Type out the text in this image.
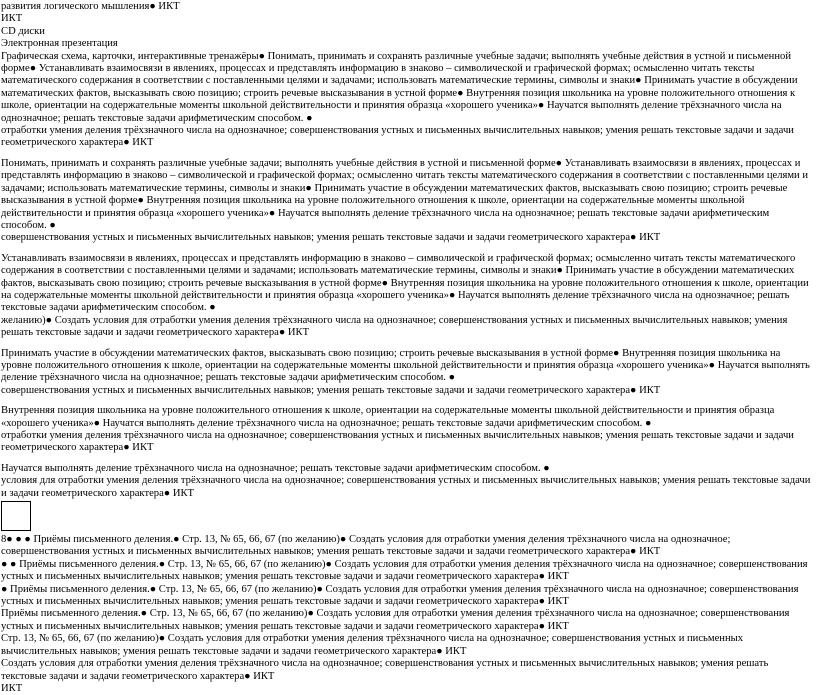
развития логического мышления● ИКТ

ИКТ

CD диски

Электронная презентация

Графическая схема, карточки, интерактивные тренажёры● Понимать, принимать и сохранять различные учебные задачи; выполнять учебные действия в устной и письменной форме● Устанавливать взаимосвязи в явлениях, процессах и представлять информацию в знаково – символической и графической формах; осмысленно читать тексты математического содержания в соответствии с поставленными целями и задачами; использовать математические термины, символы и знаки● Принимать участие в обсуждении математических фактов, высказывать свою позицию; строить речевые высказывания в устной форме● Внутренняя позиция школьника на уровне положительного отношения к школе, ориентации на содержательные моменты школьной действительности и принятия образца «хорошего ученика»● Научатся выполнять деление трёхзначного числа на однозначное; решать текстовые задачи арифметическим способом. ●

отработки умения деления трёхзначного числа на однозначное; совершенствования устных и письменных вычислительных навыков; умения решать текстовые задачи и задачи геометрического характера● ИКТ

Понимать, принимать и сохранять различные учебные задачи; выполнять учебные действия в устной и письменной форме● Устанавливать взаимосвязи в явлениях, процессах и представлять информацию в знаково – символической и графической формах; осмысленно читать тексты математического содержания в соответствии с поставленными целями и задачами; использовать математические термины, символы и знаки● Принимать участие в обсуждении математических фактов, высказывать свою позицию; строить речевые высказывания в устной форме● Внутренняя позиция школьника на уровне положительного отношения к школе, ориентации на содержательные моменты школьной действительности и принятия образца «хорошего ученика»● Научатся выполнять деление трёхзначного числа на однозначное; решать текстовые задачи арифметическим способом. ●

совершенствования устных и письменных вычислительных навыков; умения решать текстовые задачи и задачи геометрического характера● ИКТ

Устанавливать взаимосвязи в явлениях, процессах и представлять информацию в знаково – символической и графической формах; осмысленно читать тексты математического содержания в соответствии с поставленными целями и задачами; использовать математические термины, символы и знаки● Принимать участие в обсуждении математических фактов, высказывать свою позицию; строить речевые высказывания в устной форме● Внутренняя позиция школьника на уровне положительного отношения к школе, ориентации на содержательные моменты школьной действительности и принятия образца «хорошего ученика»● Научатся выполнять деление трёхзначного числа на однозначное; решать текстовые задачи арифметическим способом. ●

желанию)● Создать условия для отработки умения деления трёхзначного числа на однозначное; совершенствования устных и письменных вычислительных навыков; умения решать текстовые задачи и задачи геометрического характера● ИКТ

Принимать участие в обсуждении математических фактов, высказывать свою позицию; строить речевые высказывания в устной форме● Внутренняя позиция школьника на уровне положительного отношения к школе, ориентации на содержательные моменты школьной действительности и принятия образца «хорошего ученика»● Научатся выполнять деление трёхзначного числа на однозначное; решать текстовые задачи арифметическим способом. ●

совершенствования устных и письменных вычислительных навыков; умения решать текстовые задачи и задачи геометрического характера● ИКТ

Внутренняя позиция школьника на уровне положительного отношения к школе, ориентации на содержательные моменты школьной действительности и принятия образца «хорошего ученика»● Научатся выполнять деление трёхзначного числа на однозначное; решать текстовые задачи арифметическим способом. ●

отработки умения деления трёхзначного числа на однозначное; совершенствования устных и письменных вычислительных навыков; умения решать текстовые задачи и задачи геометрического характера● ИКТ

Научатся выполнять деление трёхзначного числа на однозначное; решать текстовые задачи арифметическим способом. ●

условия для отработки умения деления трёхзначного числа на однозначное; совершенствования устных и письменных вычислительных навыков; умения решать текстовые задачи и задачи геометрического характера● ИКТ

8● ● ● Приёмы письменного деления.● Стр. 13, № 65, 66, 67 (по желанию)● Создать условия для отработки умения деления трёхзначного числа на однозначное; совершенствования устных и письменных вычислительных навыков; умения решать текстовые задачи и задачи геометрического характера● ИКТ

● ● Приёмы письменного деления.● Стр. 13, № 65, 66, 67 (по желанию)● Создать условия для отработки умения деления трёхзначного числа на однозначное; совершенствования устных и письменных вычислительных навыков; умения решать текстовые задачи и задачи геометрического характера● ИКТ

● Приёмы письменного деления.● Стр. 13, № 65, 66, 67 (по желанию)● Создать условия для отработки умения деления трёхзначного числа на однозначное; совершенствования устных и письменных вычислительных навыков; умения решать текстовые задачи и задачи геометрического характера● ИКТ

Приёмы письменного деления.● Стр. 13, № 65, 66, 67 (по желанию)● Создать условия для отработки умения деления трёхзначного числа на однозначное; совершенствования устных и письменных вычислительных навыков; умения решать текстовые задачи и задачи геометрического характера● ИКТ

Стр. 13, № 65, 66, 67 (по желанию)● Создать условия для отработки умения деления трёхзначного числа на однозначное; совершенствования устных и письменных вычислительных навыков; умения решать текстовые задачи и задачи геометрического характера● ИКТ

Создать условия для отработки умения деления трёхзначного числа на однозначное; совершенствования устных и письменных вычислительных навыков; умения решать текстовые задачи и задачи геометрического характера● ИКТ

ИКТ
